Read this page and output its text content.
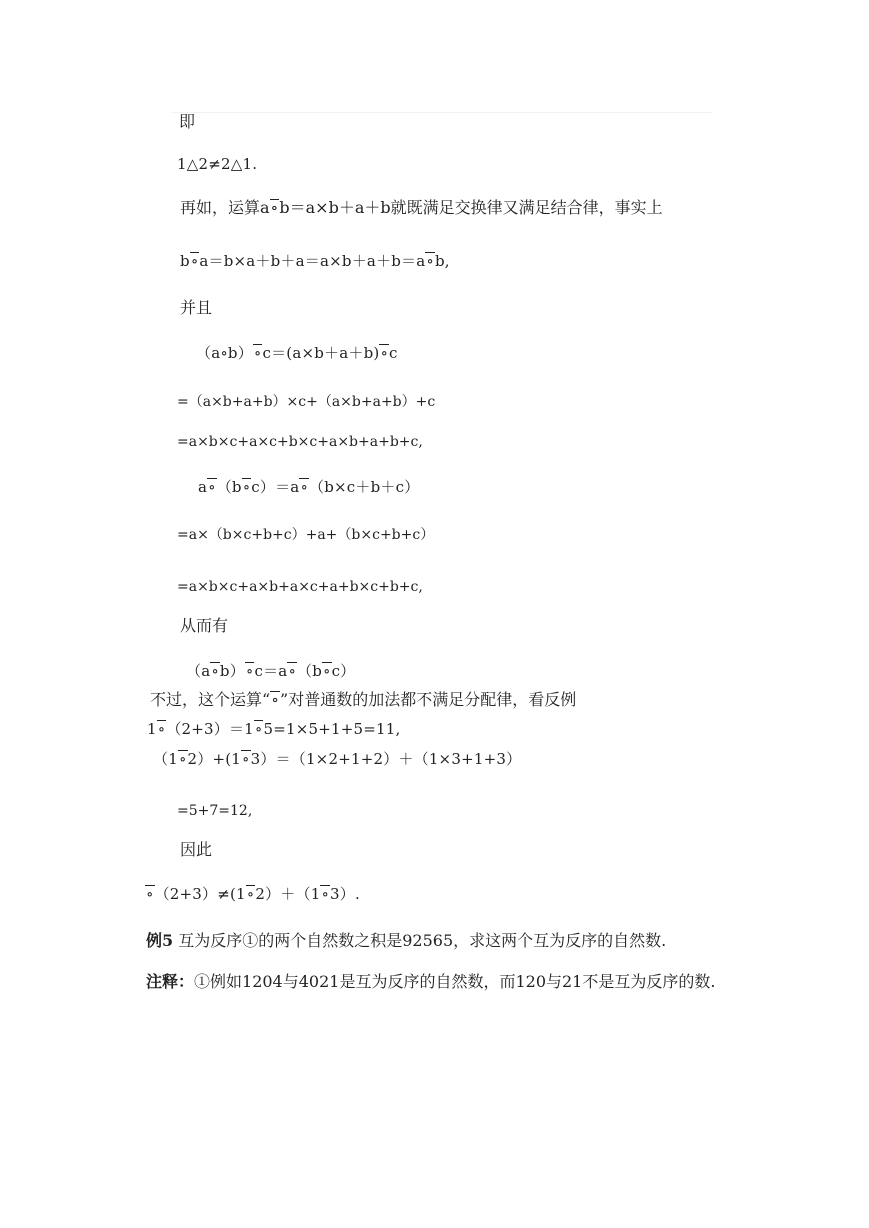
即
1△2≠2△1.
再如，运算a∘b＝a×b＋a＋b就既满足交换律又满足结合律，事实上
b∘a＝b×a＋b＋a＝a×b＋a＋b＝a∘b,
并且
（a∘b）∘c＝(a×b＋a＋b)∘c
=（a×b+a+b）×c+（a×b+a+b）+c
=a×b×c+a×c+b×c+a×b+a+b+c,
a∘（b∘c）＝a∘（b×c＋b＋c）
=a×（b×c+b+c）+a+（b×c+b+c）
=a×b×c+a×b+a×c+a+b×c+b+c,
从而有
（a∘b）∘c＝a∘（b∘c）
不过，这个运算“∘”对普通数的加法都不满足分配律，看反例
1∘（2+3）＝1∘5=1×5+1+5=11,
（1∘2）+(1∘3）＝（1×2+1+2）＋（1×3+1+3）
=5+7=12,
因此
∘（2+3）≠(1∘2）＋（1∘3）.
例5 互为反序①的两个自然数之积是92565，求这两个互为反序的自然数.
注释：①例如1204与4021是互为反序的自然数，而120与21不是互为反序的数.
